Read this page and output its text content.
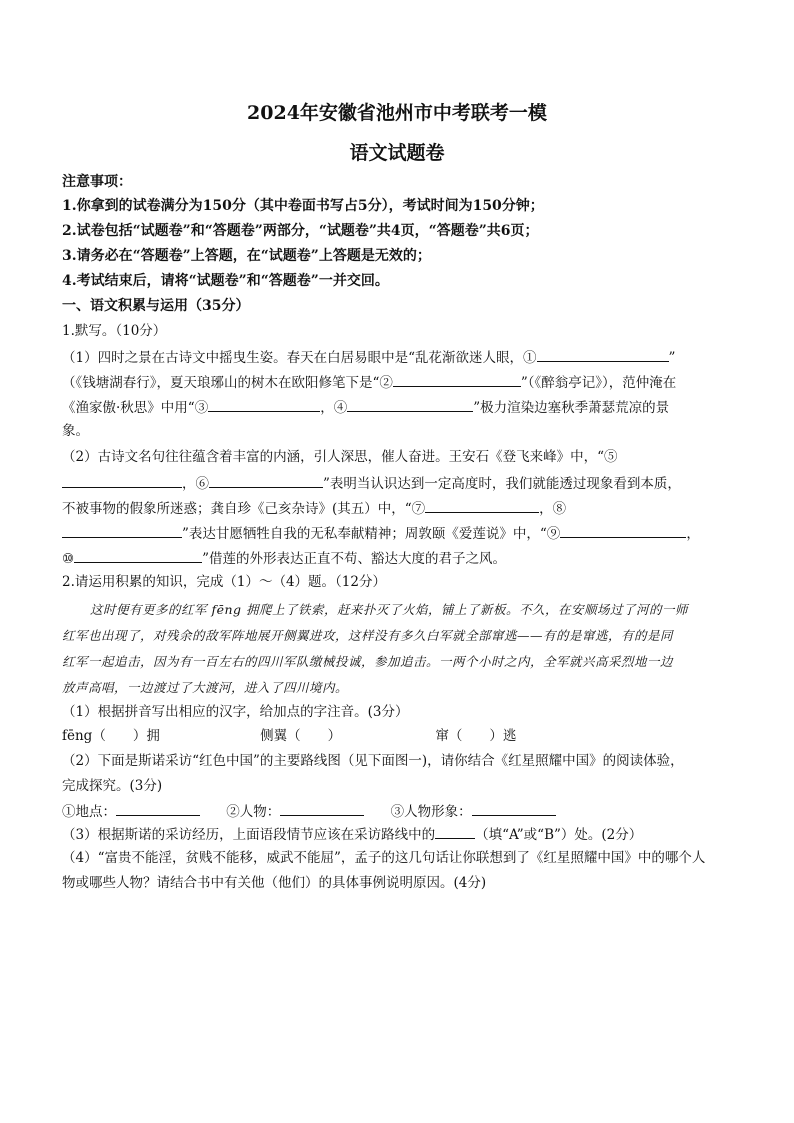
2024年安徽省池州市中考联考一模
语文试题卷
注意事项：
1.你拿到的试卷满分为150分（其中卷面书写占5分），考试时间为150分钟；
2.试卷包括“试题卷”和“答题卷”两部分，“试题卷”共4页，“答题卷”共6页；
3.请务必在“答题卷”上答题，在“试题卷”上答题是无效的；
4.考试结束后，请将“试题卷”和“答题卷”一并交回。
一、语文积累与运用（35分）
1.默写。（10分）
（1）四时之景在古诗文中摇曳生姿。春天在白居易眼中是“乱花渐欲迷人眼，①	”
（《钱塘湖春行》，夏天琅琊山的树木在欧阳修笔下是“②	”（《醉翁亭记》），范仲淹在
《渔家傲·秋思》中用“③	，④	”极力渲染边塞秋季萧瑟荒凉的景
象。
（2）古诗文名句往往蕴含着丰富的内涵，引人深思，催人奋进。王安石《登飞来峰》中，“⑤
，⑥	”表明当认识达到一定高度时，我们就能透过现象看到本质，
不被事物的假象所迷惑；龚自珍《己亥杂诗》(其五）中，“⑦	，⑧
”表达甘愿牺牲自我的无私奉献精神；周敦颐《爱莲说》中，“⑨	，
⑩	”借莲的外形表达正直不苟、豁达大度的君子之风。
2.请运用积累的知识，完成（1）～（4）题。（12分）
这时便有更多的红军 fēng 拥爬上了铁索，赶来扑灭了火焰，铺上了新板。不久，在安顺场过了河的一师
红军也出现了，对残余的敌军阵地展开侧翼进攻，这样没有多久白军就全部窜逃——有的是窜逃，有的是同
红军一起追击，因为有一百左右的四川军队缴械投诚，参加追击。一两个小时之内，全军就兴高采烈地一边
放声高唱，一边渡过了大渡河，进入了四川境内。
（1）根据拼音写出相应的汉字，给加点的字注音。(3分）
fēng（　　）拥	侧翼（　　）	窜（　　）逃
（2）下面是斯诺采访“红色中国”的主要路线图（见下面图一)，请你结合《红星照耀中国》的阅读体验，
完成探究。(3分)
①地点：	②人物：	③人物形象：
（3）根据斯诺的采访经历，上面语段情节应该在采访路线中的	（填“A”或“B”）处。(2分）
（4）“富贵不能淫，贫贱不能移，威武不能屈”，孟子的这几句话让你联想到了《红星照耀中国》中的哪个人
物或哪些人物？请结合书中有关他（他们）的具体事例说明原因。(4分)
